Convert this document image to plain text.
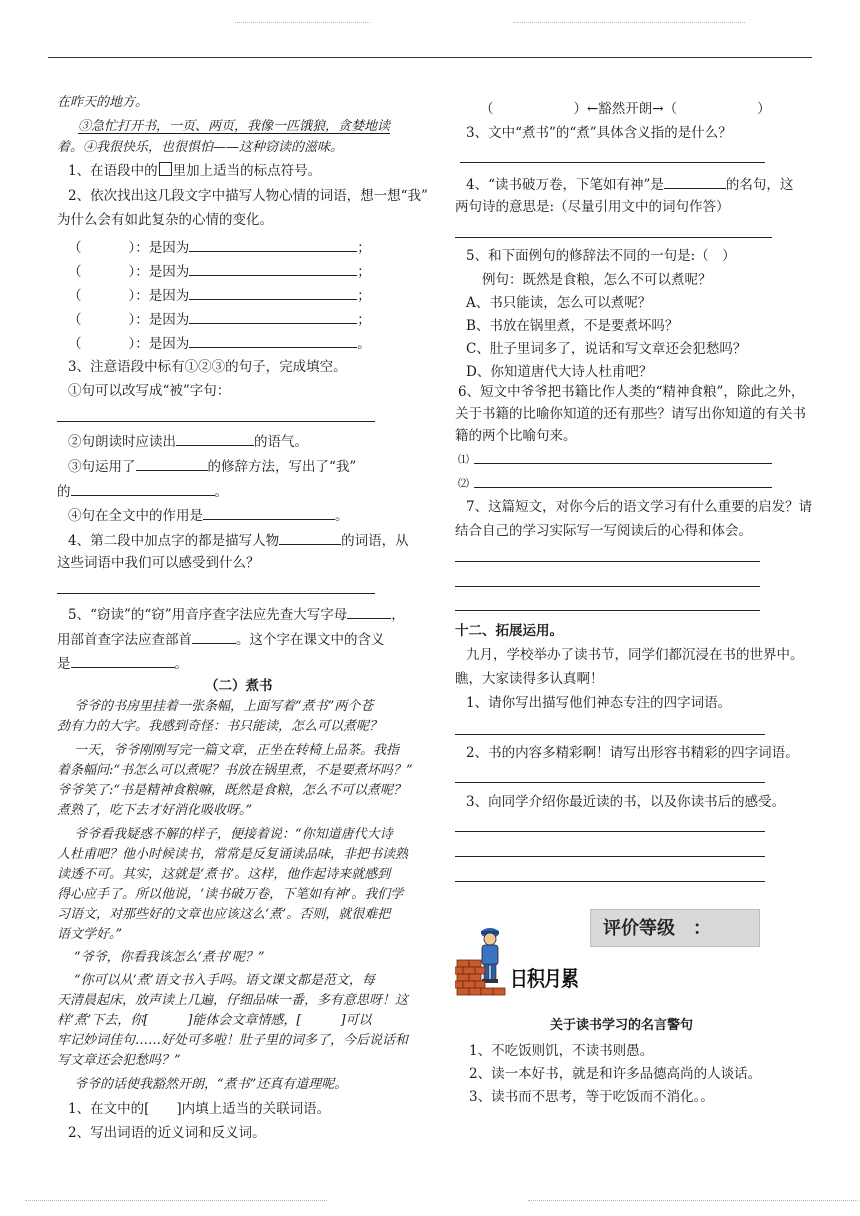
在昨天的地方。
③急忙打开书，一页、两页，我像一匹饿狼，贪婪地读
着。④我很快乐，也很惧怕——这种窃读的滋味。
1、在语段中的 里加上适当的标点符号。
2、依次找出这几段文字中描写人物心情的词语，想一想“我”
为什么会有如此复杂的心情的变化。
（	）：是因为	；
（	）：是因为	；
（	）：是因为	；
（	）：是因为	；
（	）：是因为	。
3、注意语段中标有①②③的句子，完成填空。
①句可以改写成“被”字句：
②句朗读时应读出	的语气。
③句运用了	的修辞方法，写出了“我”
的	。
④句在全文中的作用是	。
4、第二段中加点字的都是描写人物	的词语，从
这些词语中我们可以感受到什么？
5、“窃读”的“窃”用音序查字法应先查大写字母	，
用部首查字法应查部首	。这个字在课文中的含义
是	。
（二）煮书
爷爷的书房里挂着一张条幅，上面写着“煮书”两个苍
劲有力的大字。我感到奇怪：书只能读，怎么可以煮呢？
一天，爷爷刚刚写完一篇文章，正坐在转椅上品茶。我指
着条幅问:“书怎么可以煮呢？书放在锅里煮，不是要煮坏吗？”
爷爷笑了:“书是精神食粮嘛，既然是食粮，怎么不可以煮呢？
煮熟了，吃下去才好消化吸收呀。”
爷爷看我疑惑不解的样子，便接着说：“你知道唐代大诗
人杜甫吧？他小时候读书，常常是反复诵读品味，非把书读熟
读透不可。其实，这就是‘煮书’。这样，他作起诗来就感到
得心应手了。所以他说，‘读书破万卷，下笔如有神’。我们学
习语文，对那些好的文章也应该这么‘煮’。否则，就很难把
语文学好。”
“爷爷，你看我该怎么‘煮书’呢？”
“你可以从‘煮’语文书入手吗。语文课文都是范文，每
天清晨起床，放声读上几遍，仔细品味一番，多有意思呀！这
样‘煮’下去，你[　　　]能体会文章情感，[　　　]可以
牢记妙词佳句……好处可多啦！肚子里的词多了，今后说话和
写文章还会犯愁吗？”
爷爷的话使我豁然开朗，“煮书”还真有道理呢。
1、在文中的[　　]内填上适当的关联词语。
2、写出词语的近义词和反义词。
（	）←豁然开朗→（	）
3、文中“煮书”的“煮”具体含义指的是什么？
4、“读书破万卷，下笔如有神”是	的名句，这
两句诗的意思是:（尽量引用文中的词句作答）
5、和下面例句的修辞法不同的一句是:（　）
例句：既然是食粮，怎么不可以煮呢？
A、书只能读，怎么可以煮呢？
B、书放在锅里煮，不是要煮坏吗？
C、肚子里词多了，说话和写文章还会犯愁吗？
D、你知道唐代大诗人杜甫吧？
6、短文中爷爷把书籍比作人类的“精神食粮”，除此之外，
关于书籍的比喻你知道的还有那些？请写出你知道的有关书
籍的两个比喻句来。
⑴
⑵
7、这篇短文，对你今后的语文学习有什么重要的启发？请
结合自己的学习实际写一写阅读后的心得和体会。
十二、拓展运用。
九月，学校举办了读书节，同学们都沉浸在书的世界中。
瞧，大家读得多认真啊！
1、请你写出描写他们神态专注的四字词语。
2、书的内容多精彩啊！请写出形容书精彩的四字词语。
3、向同学介绍你最近读的书，以及你读书后的感受。
评价等级　：
日积月累
关于读书学习的名言警句
1、不吃饭则饥，不读书则愚。
2、读一本好书，就是和许多品德高尚的人谈话。
3、读书而不思考，等于吃饭而不消化。。
